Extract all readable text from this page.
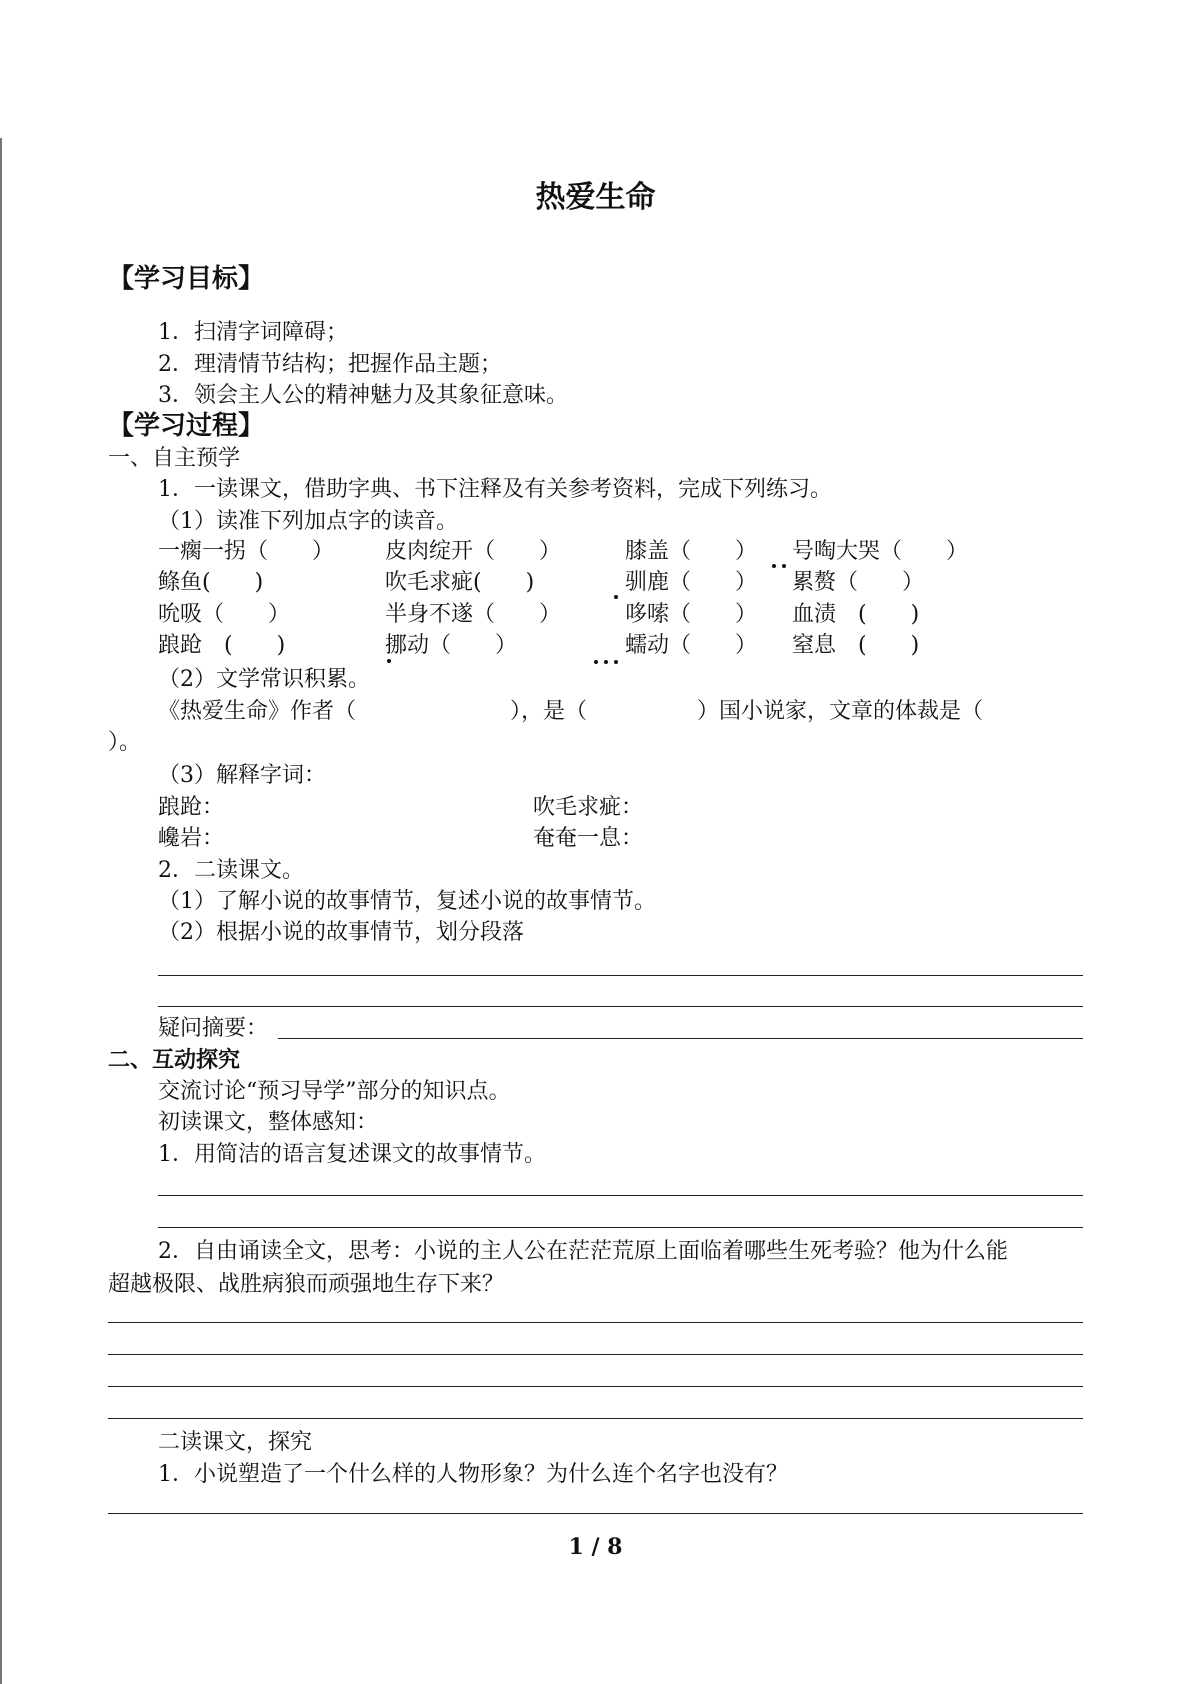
热爱生命
【学习目标】
1．扫清字词障碍；
2．理清情节结构；把握作品主题；
3．领会主人公的精神魅力及其象征意味。
【学习过程】
一、自主预学
1．一读课文，借助字典、书下注释及有关参考资料，完成下列练习。
（1）读准下列加点字的读音。
一瘸一拐（　　） 皮肉绽开（　　）	膝盖（　　） 号啕大哭（　　）
鲦鱼(　　)	吹毛求疵(　　)	驯鹿（　　） 累赘（　　）
吮吸（　　）	半身不遂（　　）	哆嗦（　　） 血渍　(　　)
踉跄　(　　)	挪动（　　）	蠕动（　　） 窒息　(　　)
（2）文学常识积累。
《热爱生命》作者（　　　　　　　），是（　　　　　）国小说家，文章的体裁是（
）。
（3）解释字词：
踉跄：	吹毛求疵：
巉岩：	奄奄一息：
2．二读课文。
（1）了解小说的故事情节，复述小说的故事情节。
（2）根据小说的故事情节，划分段落
疑问摘要：
二、互动探究
交流讨论“预习导学”部分的知识点。
初读课文，整体感知：
1．用简洁的语言复述课文的故事情节。
2．自由诵读全文，思考：小说的主人公在茫茫荒原上面临着哪些生死考验？他为什么能
超越极限、战胜病狼而顽强地生存下来？
二读课文，探究
1．小说塑造了一个什么样的人物形象？为什么连个名字也没有？
1 / 8
